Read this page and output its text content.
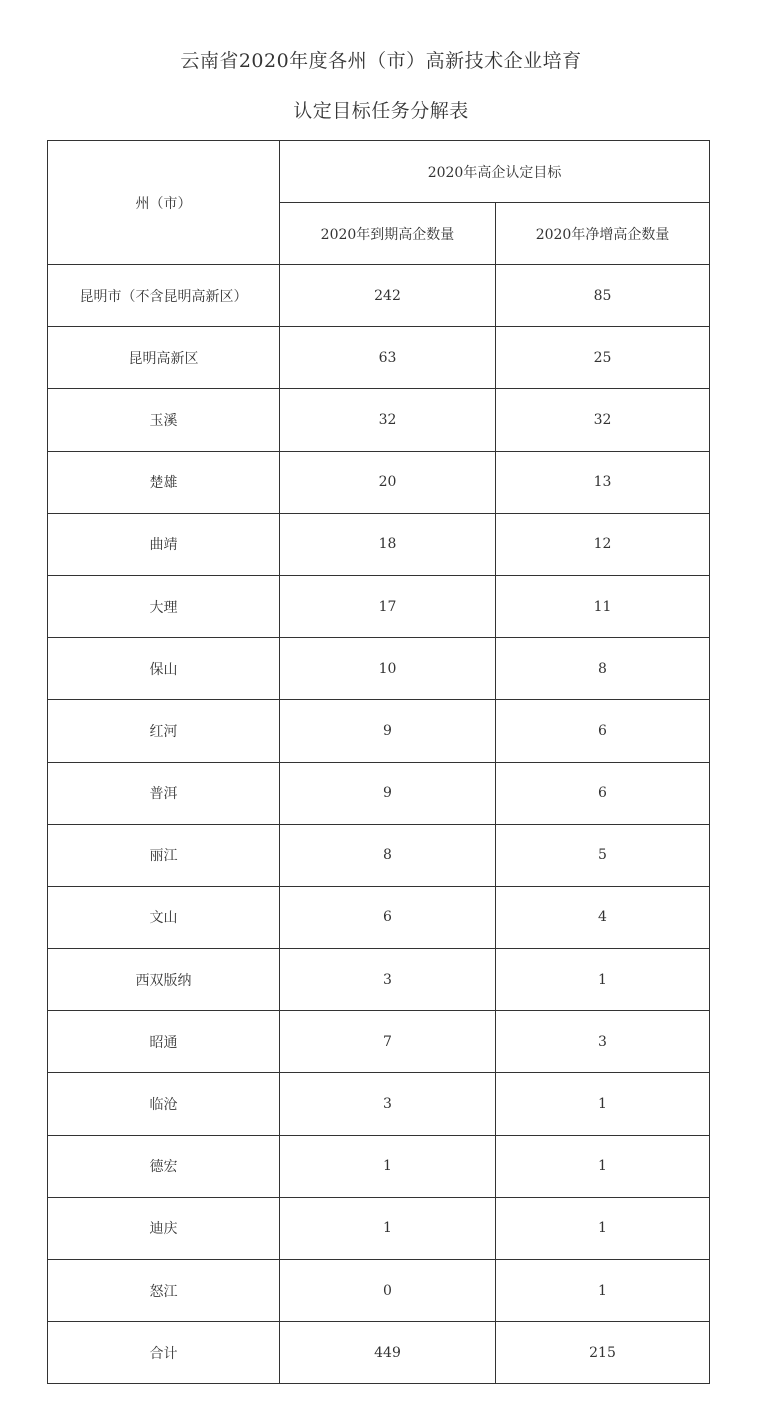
云南省2020年度各州（市）高新技术企业培育
认定目标任务分解表
州（市）	2020年高企认定目标	
	2020年到期高企数量	2020年净增高企数量
昆明市（不含昆明高新区）	242	85
昆明高新区	63	25
玉溪	32	32
楚雄	20	13
曲靖	18	12
大理	17	11
保山	10	8
红河	9	6
普洱	9	6
丽江	8	5
文山	6	4
西双版纳	3	1
昭通	7	3
临沧	3	1
德宏	1	1
迪庆	1	1
怒江	0	1
合计	449	215
